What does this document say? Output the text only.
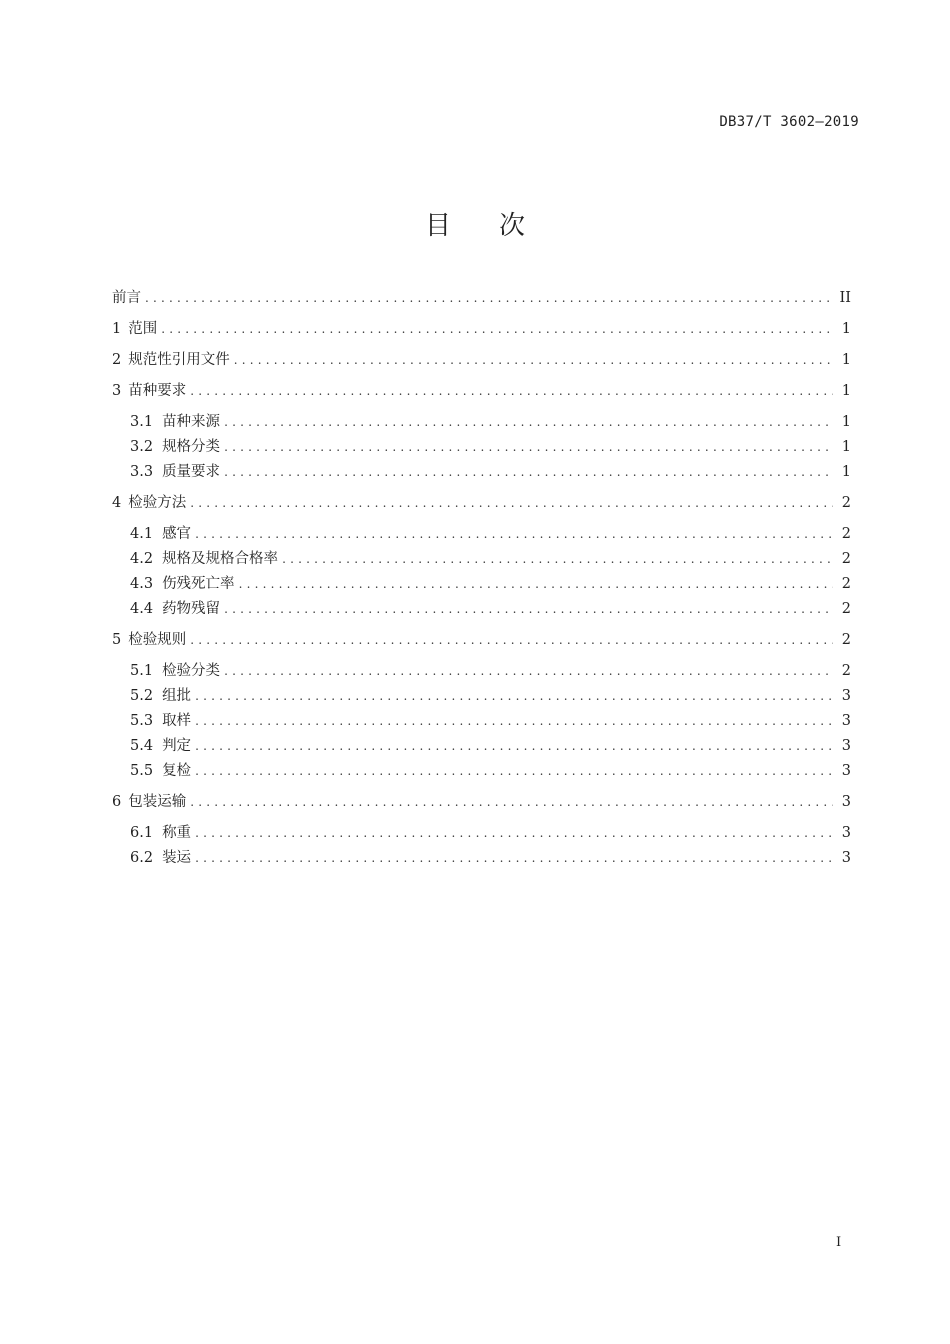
DB37/T 3602—2019
目次
前言 .....	II
1 范围 .....	1
2 规范性引用文件 .....	1
3 苗种要求 .....	1
3.1 苗种来源 .....	1
3.2 规格分类 .....	1
3.3 质量要求 .....	1
4 检验方法 .....	2
4.1 感官 .....	2
4.2 规格及规格合格率 .....	2
4.3 伤残死亡率 .....	2
4.4 药物残留 .....	2
5 检验规则 .....	2
5.1 检验分类 .....	2
5.2 组批 .....	3
5.3 取样 .....	3
5.4 判定 .....	3
5.5 复检 .....	3
6 包装运输 .....	3
6.1 称重 .....	3
6.2 装运 .....	3
I
